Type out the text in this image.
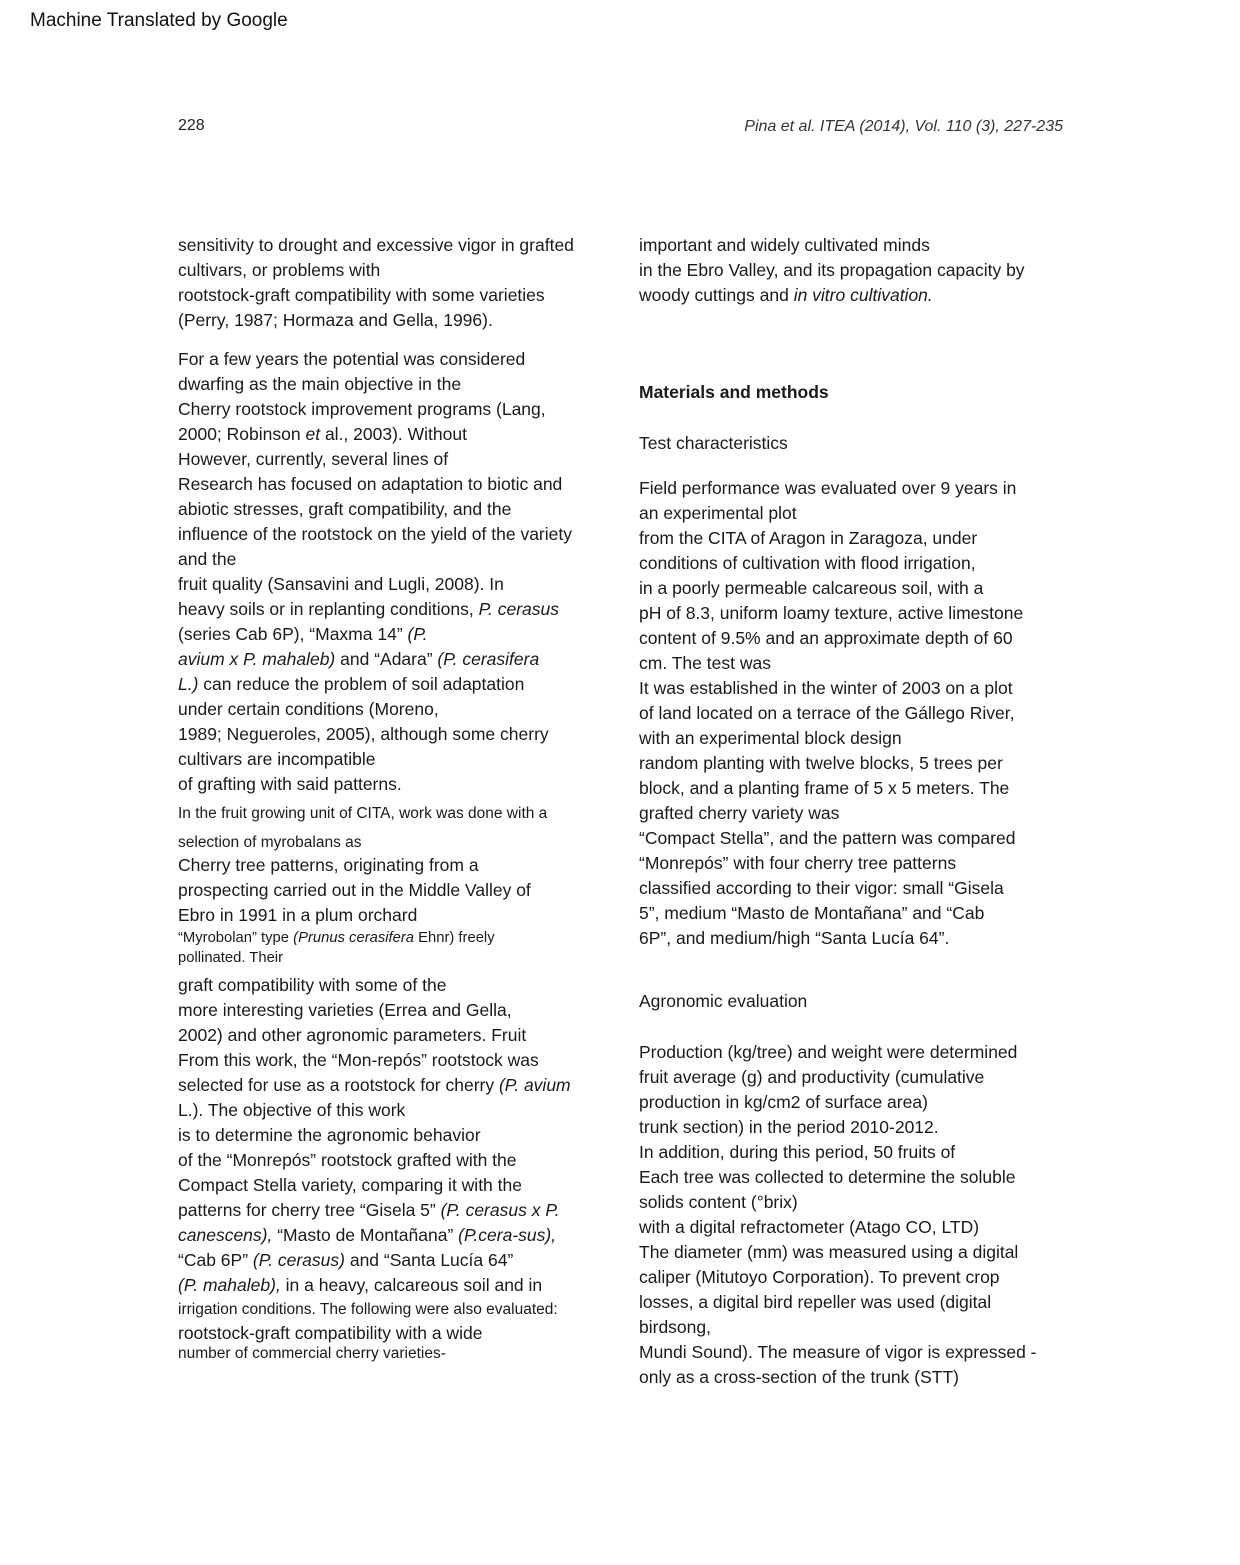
Machine Translated by Google
228	Pina et al. ITEA (2014), Vol. 110 (3), 227-235
sensitivity to drought and excessive vigor in grafted
cultivars, or problems with
rootstock-graft compatibility with some varieties
(Perry, 1987; Hormaza and Gella, 1996).
For a few years the potential was considered
dwarfing as the main objective in the
Cherry rootstock improvement programs (Lang,
2000; Robinson et al., 2003). Without
However, currently, several lines of
Research has focused on adaptation to biotic and
abiotic stresses, graft compatibility, and the
influence of the rootstock on the yield of the variety
and the
fruit quality (Sansavini and Lugli, 2008). In
heavy soils or in replanting conditions, P. cerasus
(series Cab 6P), “Maxma 14” (P.
avium x P. mahaleb) and “Adara” (P. cerasifera
L.) can reduce the problem of soil adaptation
under certain conditions (Moreno,
1989; Negueroles, 2005), although some cherry
cultivars are incompatible
of grafting with said patterns.
In the fruit growing unit of CITA, work was done with a
selection of myrobalans as
Cherry tree patterns, originating from a
prospecting carried out in the Middle Valley of
Ebro in 1991 in a plum orchard
“Myrobolan” type (Prunus cerasifera Ehnr) freely
pollinated. Their
graft compatibility with some of the
more interesting varieties (Errea and Gella,
2002) and other agronomic parameters. Fruit
From this work, the “Mon-repós” rootstock was
selected for use as a rootstock for cherry (P. avium
L.). The objective of this work
is to determine the agronomic behavior
of the “Monrepós” rootstock grafted with the
Compact Stella variety, comparing it with the
patterns for cherry tree “Gisela 5” (P. cerasus x P.
canescens), “Masto de Montañana” (P.cera-sus),
“Cab 6P” (P. cerasus) and “Santa Lucía 64”
(P. mahaleb), in a heavy, calcareous soil and in
irrigation conditions. The following were also evaluated:
rootstock-graft compatibility with a wide
number of commercial cherry varieties-
important and widely cultivated minds
in the Ebro Valley, and its propagation capacity by
woody cuttings and in vitro cultivation.
Materials and methods
Test characteristics
Field performance was evaluated over 9 years in
an experimental plot
from the CITA of Aragon in Zaragoza, under
conditions of cultivation with flood irrigation,
in a poorly permeable calcareous soil, with a
pH of 8.3, uniform loamy texture, active limestone
content of 9.5% and an approximate depth of 60
cm. The test was
It was established in the winter of 2003 on a plot
of land located on a terrace of the Gállego River,
with an experimental block design
random planting with twelve blocks, 5 trees per
block, and a planting frame of 5 x 5 meters. The
grafted cherry variety was
“Compact Stella”, and the pattern was compared
“Monrepós” with four cherry tree patterns
classified according to their vigor: small “Gisela
5”, medium “Masto de Montañana” and “Cab
6P”, and medium/high “Santa Lucía 64”.
Agronomic evaluation
Production (kg/tree) and weight were determined
fruit average (g) and productivity (cumulative
production in kg/cm2 of surface area)
trunk section) in the period 2010-2012.
In addition, during this period, 50 fruits of
Each tree was collected to determine the soluble
solids content (°brix)
with a digital refractometer (Atago CO, LTD)
The diameter (mm) was measured using a digital
caliper (Mitutoyo Corporation). To prevent crop
losses, a digital bird repeller was used (digital
birdsong,
Mundi Sound). The measure of vigor is expressed -
only as a cross-section of the trunk (STT)
